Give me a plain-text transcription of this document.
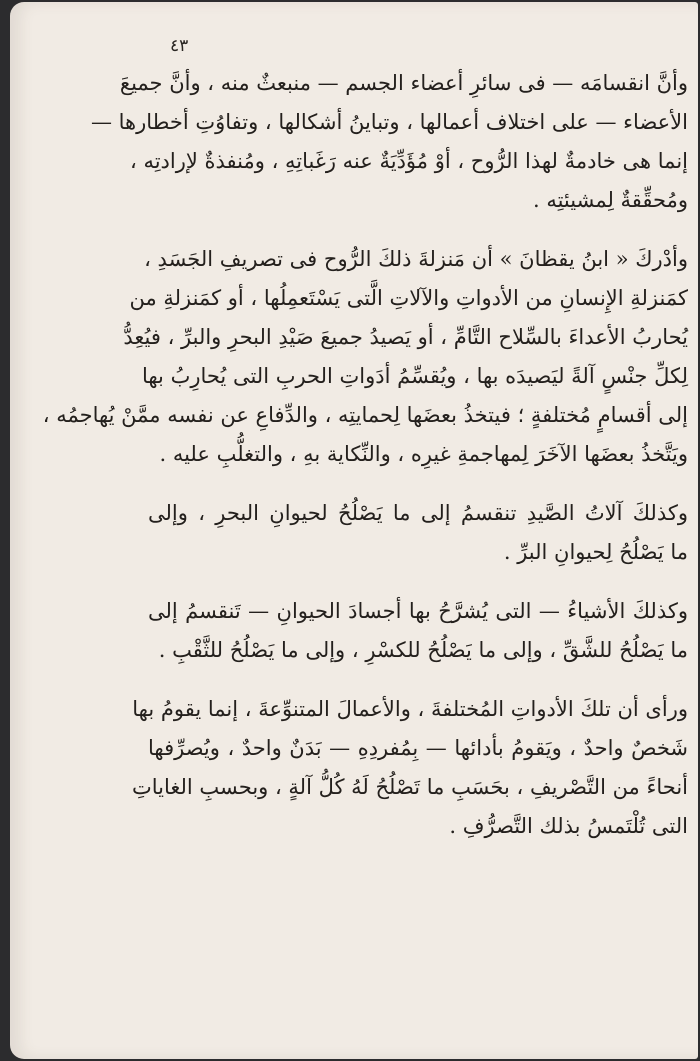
٤٣
وأنَّ انقسامَه — فى سائرِ أعضاء الجسم — منبعثٌ منه ، وأنَّ جميعَ
الأعضاء — على اختلاف أعمالها ، وتباينُ أشكالها ، وتفاوُتِ أخطارها —
إنما هى خادمةٌ لهذا الرُّوح ، أوْ مُؤَدِّيَةٌ عنه رَغَباتِهِ ، ومُنفذةٌ لإرادتِه ،
ومُحقِّقةٌ لِمشيئتِه .
وأدْركَ « ابنُ يقظانَ » أن مَنزلةَ ذلكَ الرُّوح فى تصريفِ الجَسَدِ ،
كمَنزلةِ الإِنسانِ من الأدواتِ والآلاتِ الَّتى يَسْتَعمِلُها ، أو كمَنزلةِ من
يُحاربُ الأعداءَ بالسِّلاح التَّامِّ ، أو يَصيدُ جميعَ صَيْدِ البحرِ والبرِّ ، فيُعِدُّ
لِكلِّ جنْسٍ آلةً ليَصيدَه بها ، ويُقسِّمُ أدَواتِ الحربِ التى يُحارِبُ بها
إلى أقسامٍ مُختلفةٍ ؛ فيتخذُ بعضَها لِحمايتِه ، والدِّفاعِ عن نفسه ممَّنْ يُهاجمُه ،
ويَتَّخذُ بعضَها الآخَرَ لِمهاجمةِ غيرِه ، والنِّكاية بهِ ، والتغلُّبِ عليه .
وكذلكَ آلاتُ الصَّيدِ تنقسمُ إلى ما يَصْلُحُ لحيوانِ البحرِ ، وإلى
ما يَصْلُحُ لِحيوانِ البرِّ .
وكذلكَ الأشياءُ — التى يُشرَّحُ بها أجسادَ الحيوانِ — تَنقسمُ إلى
ما يَصْلُحُ للشَّقِّ ، وإلى ما يَصْلُحُ للكسْرِ ، وإلى ما يَصْلُحُ للثَّقْبِ .
ورأى أن تلكَ الأدواتِ المُختلفةَ ، والأعمالَ المتنوِّعةَ ، إنما يقومُ بها
شَخصٌ واحدٌ ، ويَقومُ بأدائها — بِمُفردِهِ — بَدَنٌ واحدٌ ، ويُصرِّفها
أنحاءً من التَّصْريفِ ، بحَسَبِ ما تَصْلُحُ لَهُ كُلُّ آلةٍ ، وبحسبِ الغاياتِ
التى تُلْتَمسُ بذلك التَّصرُّفِ .
